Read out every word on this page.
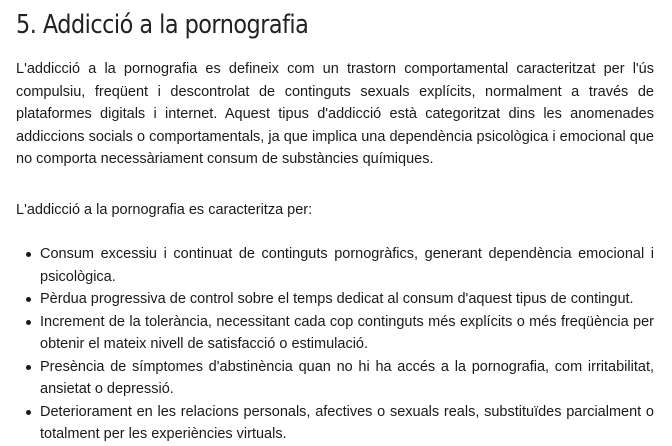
5. Addicció a la pornografia

L'addicció a la pornografia es defineix com un trastorn comportamental caracteritzat per l'ús compulsiu, freqüent i descontrolat de continguts sexuals explícits, normalment a través de plataformes digitals i internet. Aquest tipus d'addicció està categoritzat dins les anomenades addiccions socials o comportamentals, ja que implica una dependència psicològica i emocional que no comporta necessàriament consum de substàncies químiques.

L'addicció a la pornografia es caracteritza per:

Consum excessiu i continuat de continguts pornogràfics, generant dependència emocional i psicològica.
Pèrdua progressiva de control sobre el temps dedicat al consum d'aquest tipus de contingut.
Increment de la tolerància, necessitant cada cop continguts més explícits o més freqüència per obtenir el mateix nivell de satisfacció o estimulació.
Presència de símptomes d'abstinència quan no hi ha accés a la pornografia, com irritabilitat, ansietat o depressió.
Deteriorament en les relacions personals, afectives o sexuals reals, substituïdes parcialment o totalment per les experiències virtuals.
